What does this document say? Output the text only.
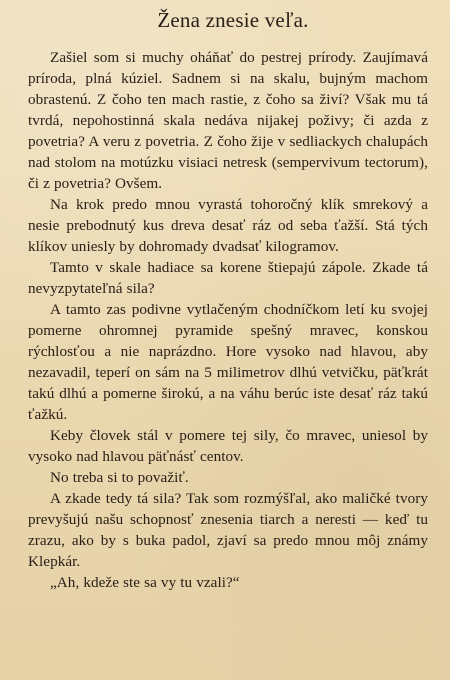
Žena znesie veľa.

Zašiel som si muchy oháňať do pestrej prírody. Zaujímavá príroda, plná kúziel. Sadnem si na skalu, bujným machom obrastenú. Z čoho ten mach rastie, z čoho sa živí? Však mu tá tvrdá, nepohostinná skala nedáva nijakej poživy; či azda z povetria? A veru z povetria. Z čoho žije v sedliackych chalupách nad stolom na motúzku visiaci netresk (sempervivum tectorum), či z povetria? Ovšem.

Na krok predo mnou vyrastá tohoročný klík smrekový a nesie prebodnutý kus dreva desať ráz od seba ťažší. Stá tých klíkov uniesly by dohromady dvadsať kilogramov.

Tamto v skale hadiace sa korene štiepajú zápole. Zkade tá nevyzpytateľná sila?

A tamto zas podivne vytlačeným chodníčkom letí ku svojej pomerne ohromnej pyramide spešný mravec, konskou rýchlosťou a nie naprázdno. Hore vysoko nad hlavou, aby nezavadil, teperí on sám na 5 milimetrov dlhú vetvičku, päťkrát takú dlhú a pomerne širokú, a na váhu berúc iste desať ráz takú ťažkú.

Keby človek stál v pomere tej sily, čo mravec, uniesol by vysoko nad hlavou päťnásť centov.

No treba si to považiť.

A zkade tedy tá sila? Tak som rozmýšľal, ako maličké tvory prevyšujú našu schopnosť znesenia tiarch a neresti — keď tu zrazu, ako by s buka padol, zjaví sa predo mnou môj známy Klepkár.

„Ah, kdeže ste sa vy tu vzali?“
